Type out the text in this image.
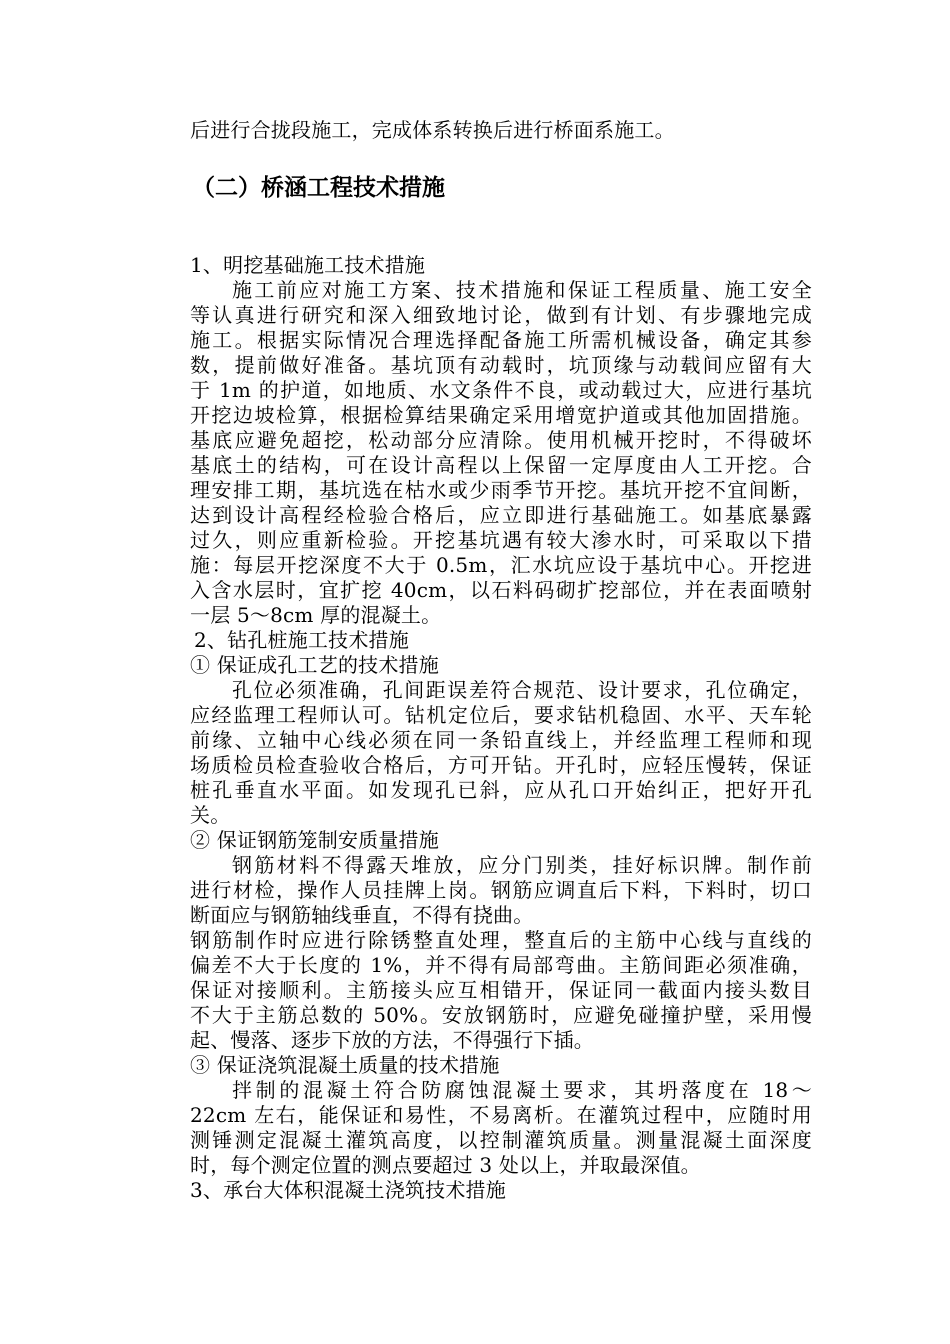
后进行合拢段施工，完成体系转换后进行桥面系施工。
（二）桥涵工程技术措施
1、明挖基础施工技术措施
施工前应对施工方案、技术措施和保证工程质量、施工安全
等认真进行研究和深入细致地讨论，做到有计划、有步骤地完成
施工。根据实际情况合理选择配备施工所需机械设备，确定其参
数，提前做好准备。基坑顶有动载时，坑顶缘与动载间应留有大
于 1m 的护道，如地质、水文条件不良，或动载过大，应进行基坑
开挖边坡检算，根据检算结果确定采用增宽护道或其他加固措施。
基底应避免超挖，松动部分应清除。使用机械开挖时，不得破坏
基底土的结构，可在设计高程以上保留一定厚度由人工开挖。合
理安排工期，基坑选在枯水或少雨季节开挖。基坑开挖不宜间断，
达到设计高程经检验合格后，应立即进行基础施工。如基底暴露
过久，则应重新检验。开挖基坑遇有较大渗水时，可采取以下措
施：每层开挖深度不大于 0.5m，汇水坑应设于基坑中心。开挖进
入含水层时，宜扩挖 40cm，以石料码砌扩挖部位，并在表面喷射
一层 5～8cm 厚的混凝土。
2、钻孔桩施工技术措施
① 保证成孔工艺的技术措施
孔位必须准确，孔间距误差符合规范、设计要求，孔位确定，
应经监理工程师认可。钻机定位后，要求钻机稳固、水平、天车轮
前缘、立轴中心线必须在同一条铅直线上，并经监理工程师和现
场质检员检查验收合格后，方可开钻。开孔时，应轻压慢转，保证
桩孔垂直水平面。如发现孔已斜，应从孔口开始纠正，把好开孔
关。
② 保证钢筋笼制安质量措施
钢筋材料不得露天堆放，应分门别类，挂好标识牌。制作前
进行材检，操作人员挂牌上岗。钢筋应调直后下料，下料时，切口
断面应与钢筋轴线垂直，不得有挠曲。
钢筋制作时应进行除锈整直处理，整直后的主筋中心线与直线的
偏差不大于长度的 1%，并不得有局部弯曲。主筋间距必须准确，
保证对接顺利。主筋接头应互相错开，保证同一截面内接头数目
不大于主筋总数的 50%。安放钢筋时，应避免碰撞护壁，采用慢
起、慢落、逐步下放的方法，不得强行下插。
③ 保证浇筑混凝土质量的技术措施
拌制的混凝土符合防腐蚀混凝土要求，其坍落度在 18～
22cm 左右，能保证和易性，不易离析。在灌筑过程中，应随时用
测锤测定混凝土灌筑高度，以控制灌筑质量。测量混凝土面深度
时，每个测定位置的测点要超过 3 处以上，并取最深值。
3、承台大体积混凝土浇筑技术措施
